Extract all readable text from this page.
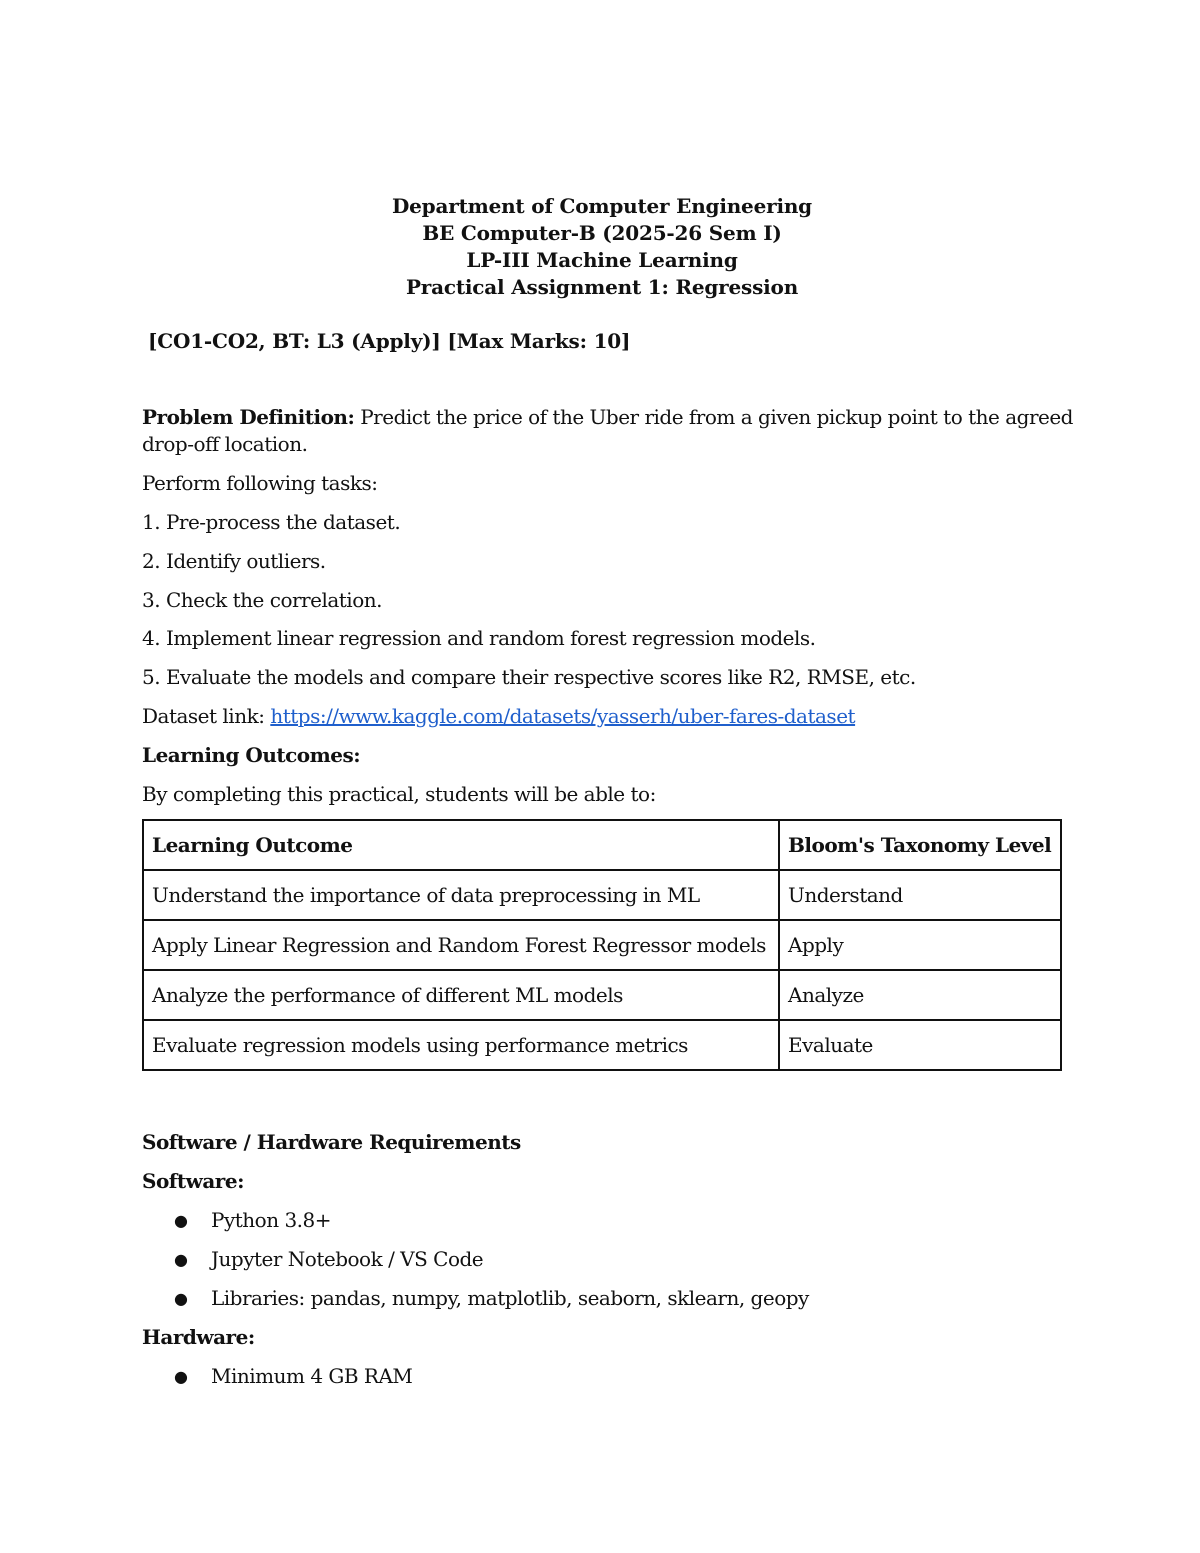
Department of Computer Engineering
BE Computer-B (2025-26 Sem I)
LP-III Machine Learning
Practical Assignment 1: Regression
[CO1-CO2, BT: L3 (Apply)] [Max Marks: 10]
Problem Definition: Predict the price of the Uber ride from a given pickup point to the agreed
drop-off location.
Perform following tasks:
1. Pre-process the dataset.
2. Identify outliers.
3. Check the correlation.
4. Implement linear regression and random forest regression models.
5. Evaluate the models and compare their respective scores like R2, RMSE, etc.
Dataset link: https://www.kaggle.com/datasets/yasserh/uber-fares-dataset
Learning Outcomes:
By completing this practical, students will be able to:
Learning Outcome	Bloom's Taxonomy Level
Understand the importance of data preprocessing in ML	Understand
Apply Linear Regression and Random Forest Regressor models	Apply
Analyze the performance of different ML models	Analyze
Evaluate regression models using performance metrics	Evaluate
Software / Hardware Requirements
Software:
● Python 3.8+
● Jupyter Notebook / VS Code
● Libraries: pandas, numpy, matplotlib, seaborn, sklearn, geopy
Hardware:
● Minimum 4 GB RAM
